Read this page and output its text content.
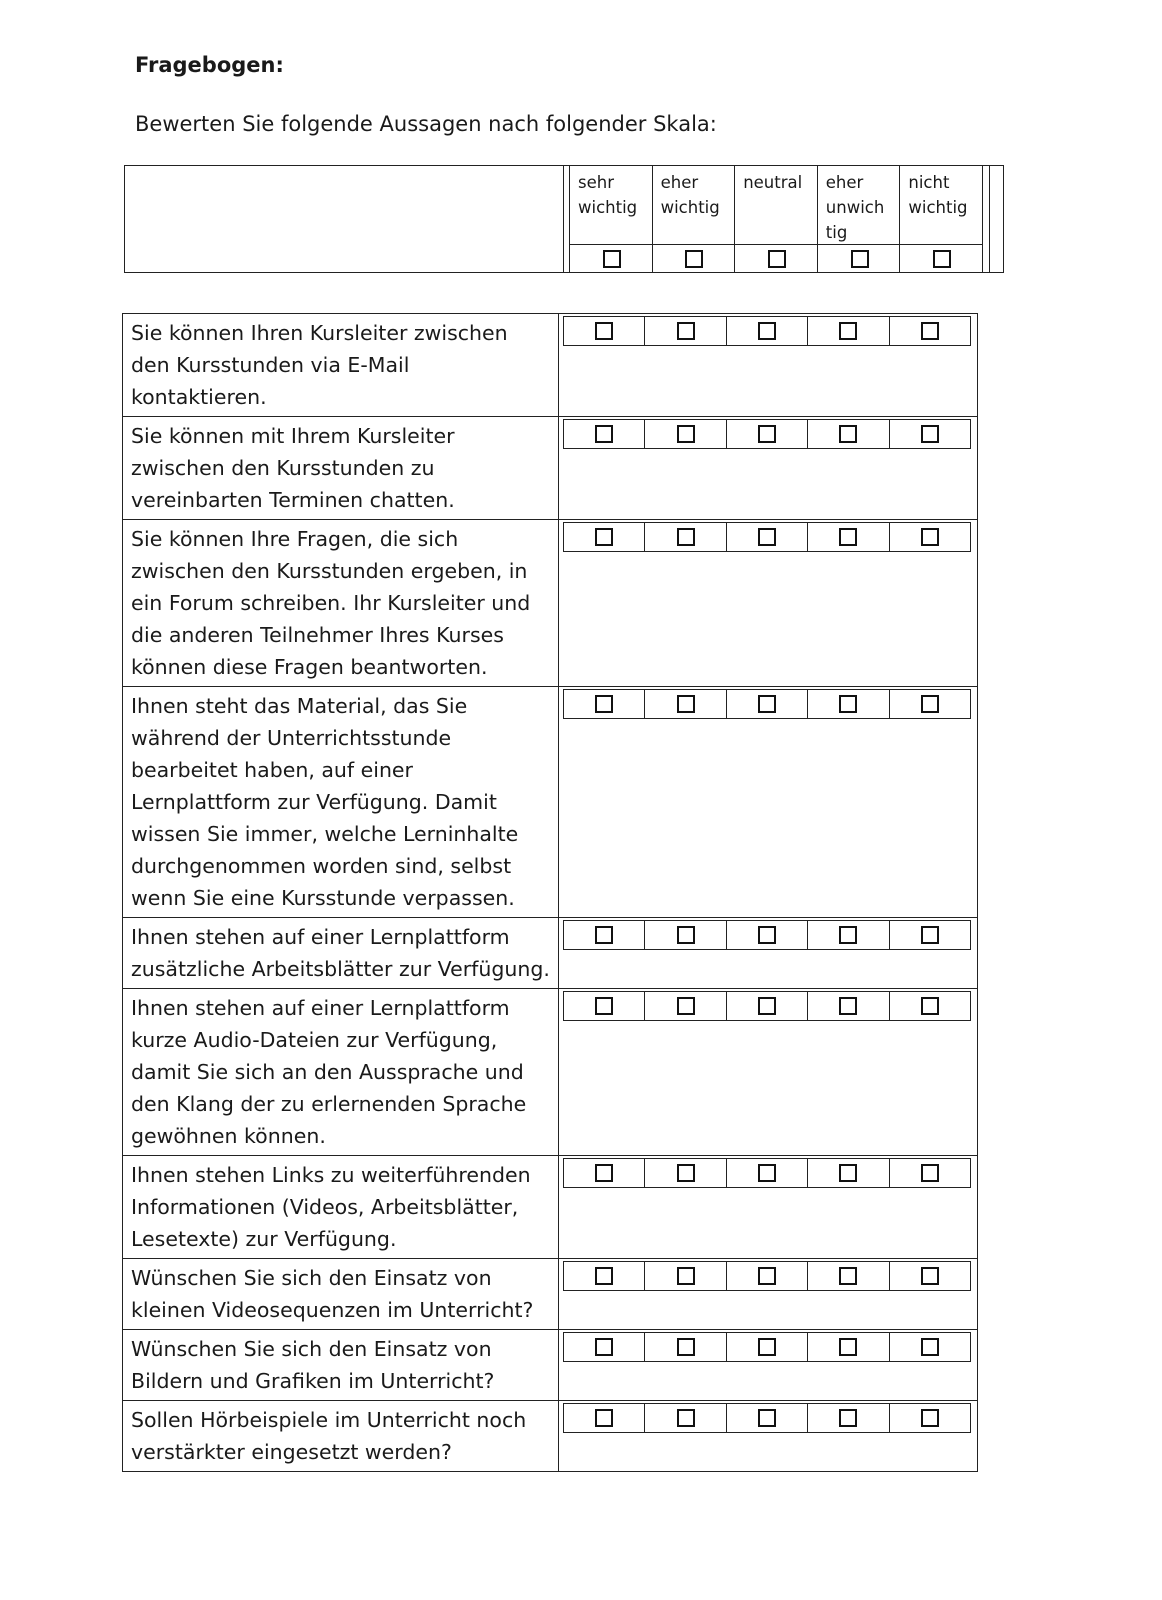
Fragebogen:

Bewerten Sie folgende Aussagen nach folgender Skala:

sehr
wichtig
eher
wichtig
neutral eher
unwich
tig
nicht
wichtig
Sie können Ihren Kursleiter zwischen den Kursstunden via E-Mail kontaktieren.
Sie können mit Ihrem Kursleiter zwischen den Kursstunden zu vereinbarten Terminen chatten.
Sie können Ihre Fragen, die sich zwischen den Kursstunden ergeben, in ein Forum schreiben. Ihr Kursleiter und die anderen Teilnehmer Ihres Kurses können diese Fragen beantworten.
Ihnen steht das Material, das Sie während der Unterrichtsstunde bearbeitet haben, auf einer Lernplattform zur Verfügung. Damit wissen Sie immer, welche Lerninhalte durchgenommen worden sind, selbst wenn Sie eine Kursstunde verpassen.
Ihnen stehen auf einer Lernplattform zusätzliche Arbeitsblätter zur Verfügung.
Ihnen stehen auf einer Lernplattform kurze Audio-Dateien zur Verfügung, damit Sie sich an den Aussprache und den Klang der zu erlernenden Sprache gewöhnen können.
Ihnen stehen Links zu weiterführenden Informationen (Videos, Arbeitsblätter, Lesetexte) zur Verfügung.
Wünschen Sie sich den Einsatz von kleinen Videosequenzen im Unterricht?
Wünschen Sie sich den Einsatz von Bildern und Grafiken im Unterricht?
Sollen Hörbeispiele im Unterricht noch verstärkter eingesetzt werden?
